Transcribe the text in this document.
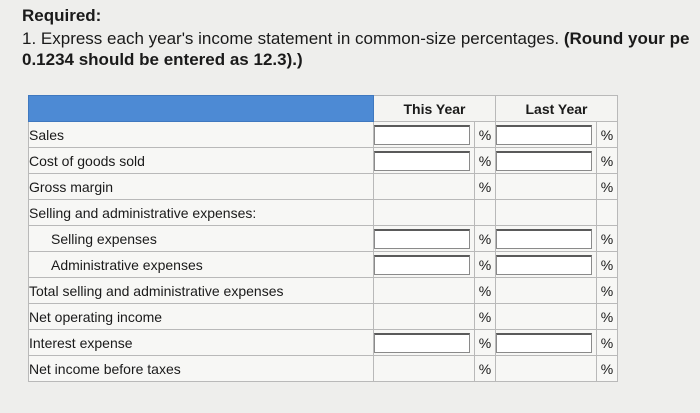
Required:
1. Express each year's income statement in common-size percentages. (Round your pe
0.1234 should be entered as 12.3).)
	This Year		Last Year	
Sales		%		%
Cost of goods sold		%		%
Gross margin		%		%
Selling and administrative expenses:				
Selling expenses		%		%
Administrative expenses		%		%
Total selling and administrative expenses		%		%
Net operating income		%		%
Interest expense		%		%
Net income before taxes		%		%
